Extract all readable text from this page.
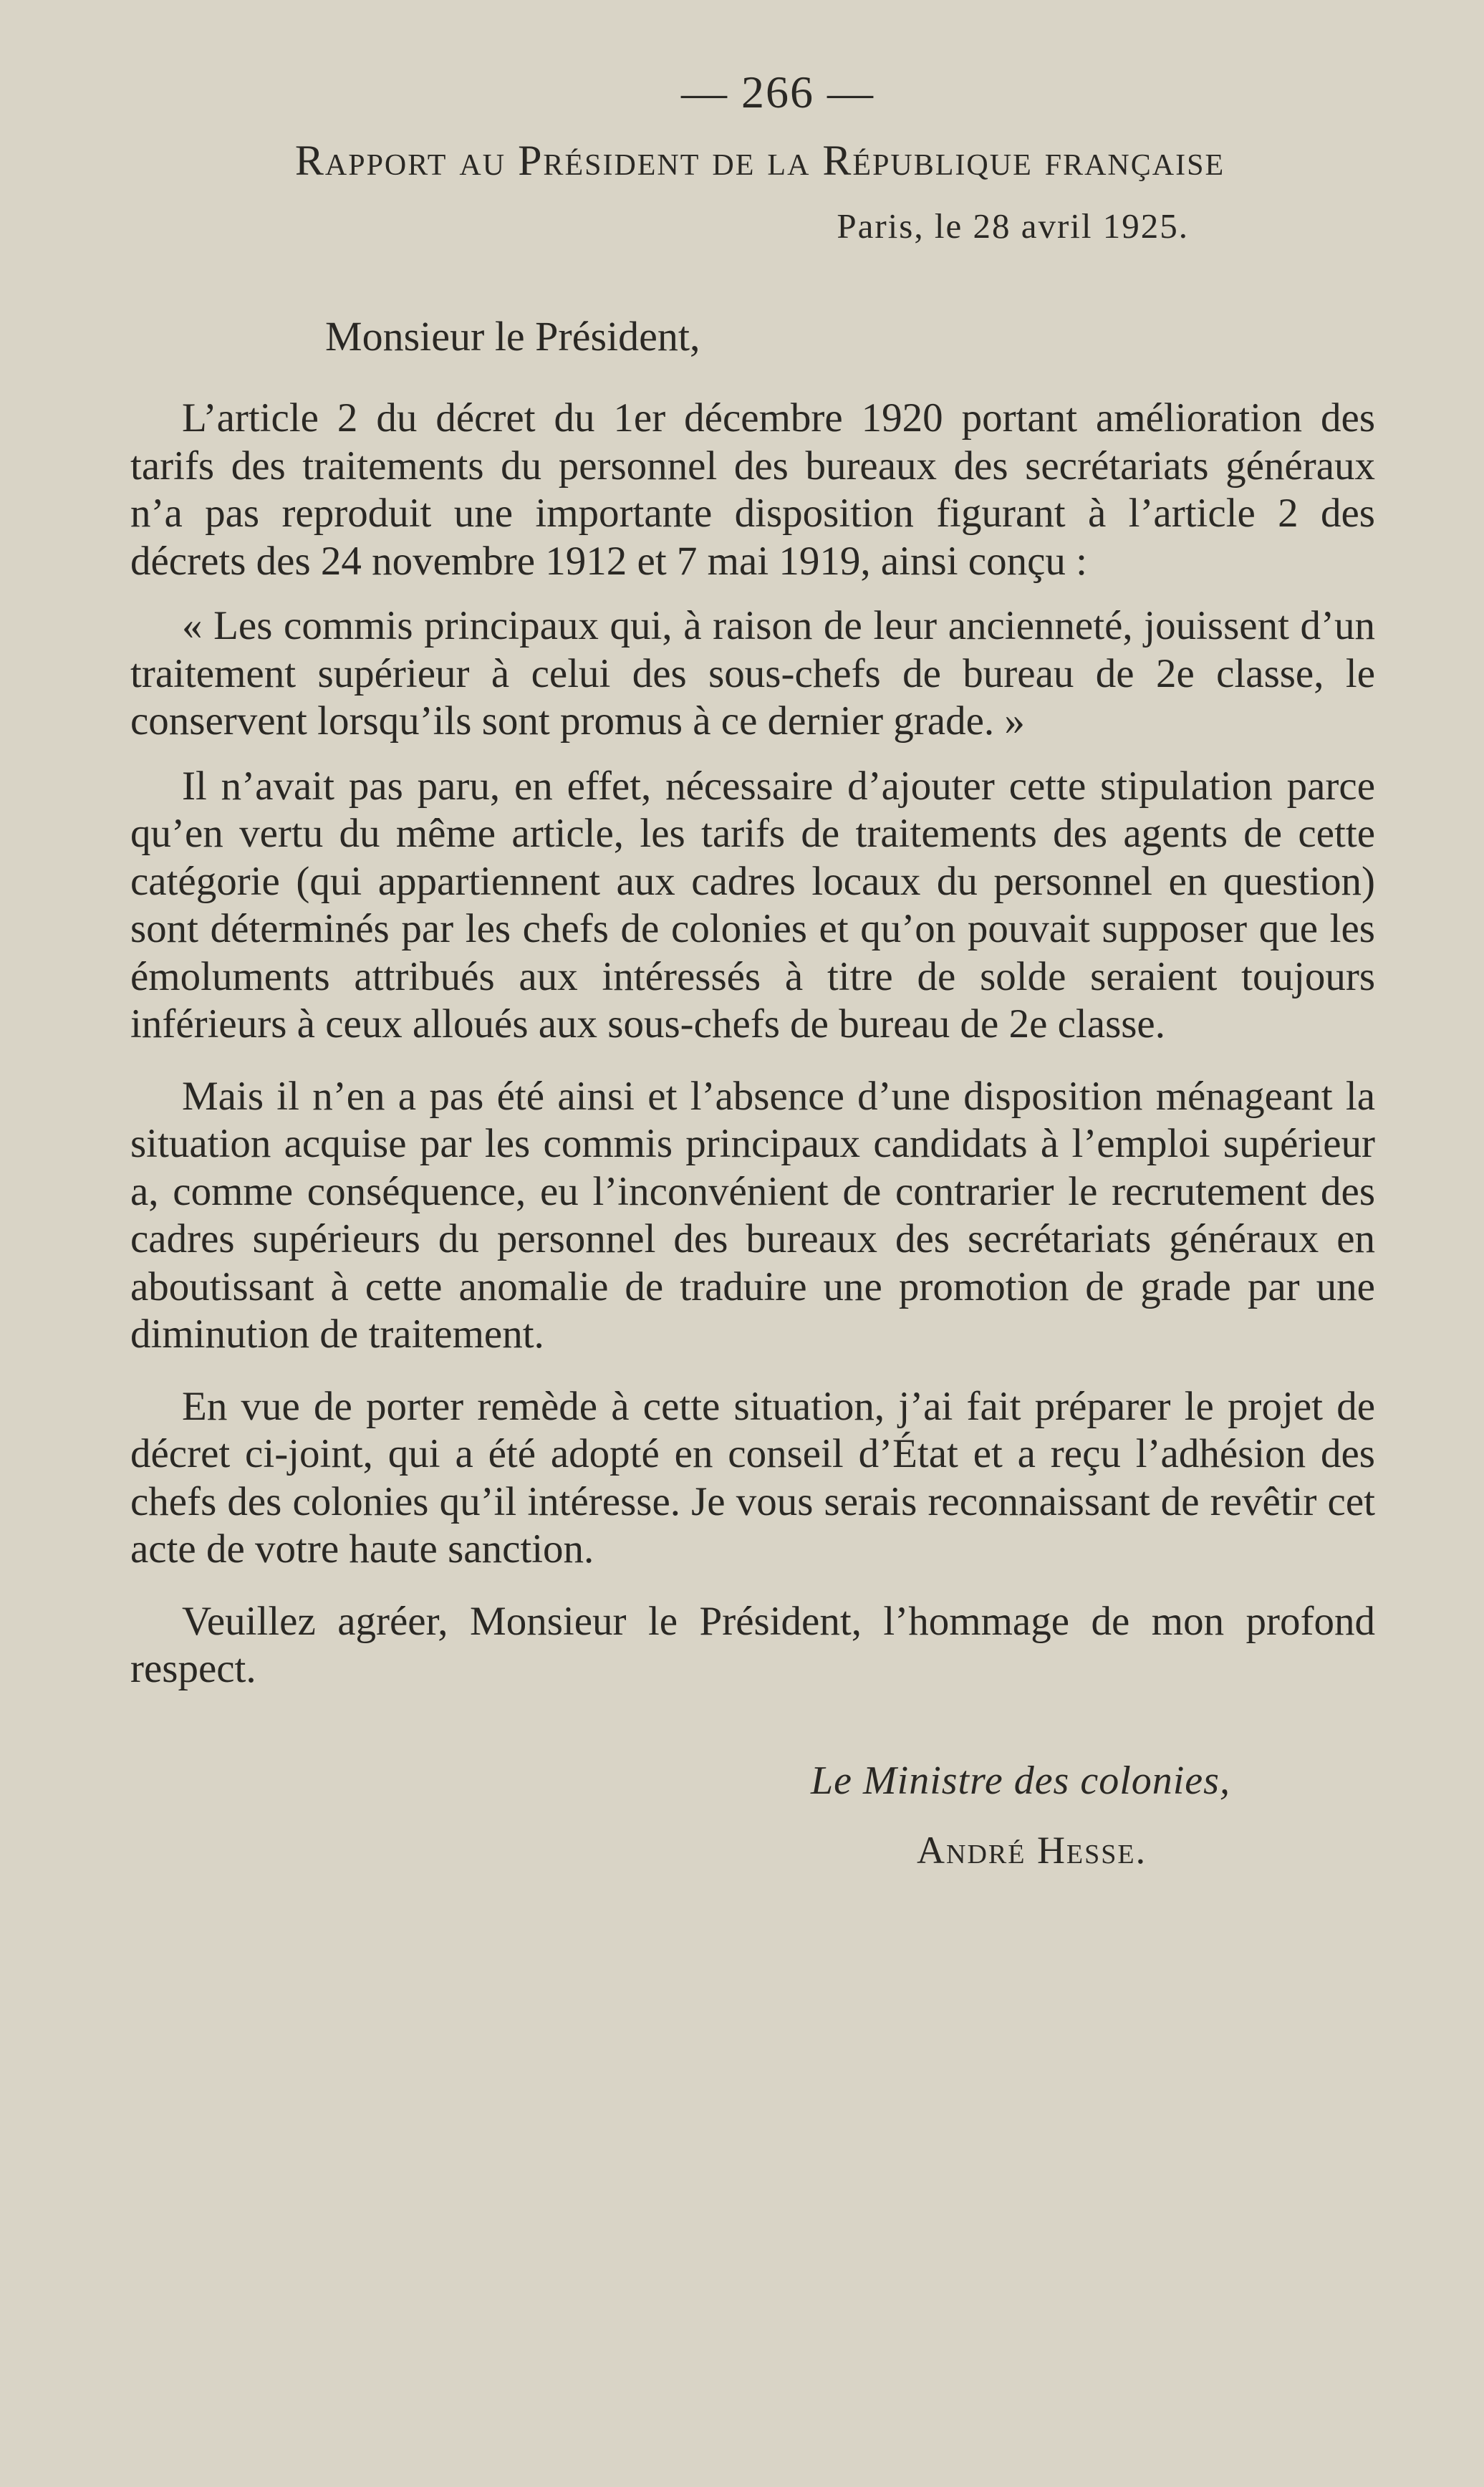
— 266 —
Rapport au Président de la République française
Paris, le 28 avril 1925.
Monsieur le Président,

L’article 2 du décret du 1er décembre 1920 portant amélioration des tarifs des traitements du personnel des bureaux des secrétariats généraux n’a pas reproduit une importante disposition figurant à l’article 2 des décrets des 24 novembre 1912 et 7 mai 1919, ainsi conçu :

« Les commis principaux qui, à raison de leur ancienneté, jouissent d’un traitement supérieur à celui des sous-chefs de bureau de 2e classe, le conservent lorsqu’ils sont promus à ce dernier grade. »

Il n’avait pas paru, en effet, nécessaire d’ajouter cette stipulation parce qu’en vertu du même article, les tarifs de traitements des agents de cette catégorie (qui appartiennent aux cadres locaux du personnel en question) sont déterminés par les chefs de colonies et qu’on pouvait supposer que les émoluments attribués aux intéressés à titre de solde seraient toujours inférieurs à ceux alloués aux sous-chefs de bureau de 2e classe.

Mais il n’en a pas été ainsi et l’absence d’une disposition ménageant la situation acquise par les commis principaux candidats à l’emploi supérieur a, comme conséquence, eu l’inconvénient de contrarier le recrutement des cadres supérieurs du personnel des bureaux des secrétariats généraux en aboutissant à cette anomalie de traduire une promotion de grade par une diminution de traitement.

En vue de porter remède à cette situation, j’ai fait préparer le projet de décret ci-joint, qui a été adopté en conseil d’État et a reçu l’adhésion des chefs des colonies qu’il intéresse. Je vous serais reconnaissant de revêtir cet acte de votre haute sanction.

Veuillez agréer, Monsieur le Président, l’hommage de mon profond respect.

Le Ministre des colonies,
André Hesse.
